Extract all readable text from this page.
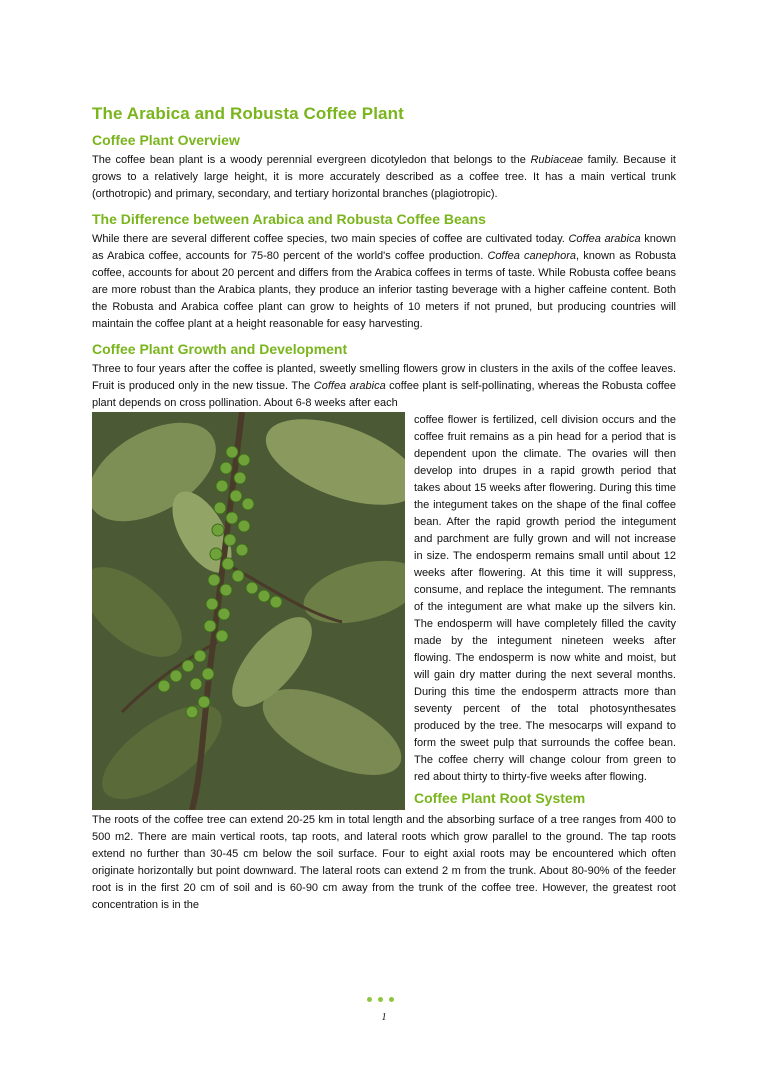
The Arabica and Robusta Coffee Plant
Coffee Plant Overview

The coffee bean plant is a woody perennial evergreen dicotyledon that belongs to the Rubiaceae family. Because it grows to a relatively large height, it is more accurately described as a coffee tree. It has a main vertical trunk (orthotropic) and primary, secondary, and tertiary horizontal branches (plagiotropic).

The Difference between Arabica and Robusta Coffee Beans

While there are several different coffee species, two main species of coffee are cultivated today. Coffea arabica known as Arabica coffee, accounts for 75-80 percent of the world's coffee production. Coffea canephora, known as Robusta coffee, accounts for about 20 percent and differs from the Arabica coffees in terms of taste. While Robusta coffee beans are more robust than the Arabica plants, they produce an inferior tasting beverage with a higher caffeine content. Both the Robusta and Arabica coffee plant can grow to heights of 10 meters if not pruned, but producing countries will maintain the coffee plant at a height reasonable for easy harvesting.

Coffee Plant Growth and Development

Three to four years after the coffee is planted, sweetly smelling flowers grow in clusters in the axils of the coffee leaves. Fruit is produced only in the new tissue. The Coffea arabica coffee plant is self-pollinating, whereas the Robusta coffee plant depends on cross pollination. About 6-8 weeks after each

coffee flower is fertilized, cell division occurs and the coffee fruit remains as a pin head for a period that is dependent upon the climate. The ovaries will then develop into drupes in a rapid growth period that takes about 15 weeks after flowering. During this time the integument takes on the shape of the final coffee bean. After the rapid growth period the integument and parchment are fully grown and will not increase in size. The endosperm remains small until about 12 weeks after flowering. At this time it will suppress, consume, and replace the integument. The remnants of the integument are what make up the silvers kin. The endosperm will have completely filled the cavity made by the integument nineteen weeks after flowing. The endosperm is now white and moist, but will gain dry matter during the next several months. During this time the endosperm attracts more than seventy percent of the total photosynthesates produced by the tree. The mesocarps will expand to form the sweet pulp that surrounds the coffee bean. The coffee cherry will change colour from green to red about thirty to thirty-five weeks after flowing.

Coffee Plant Root System

The roots of the coffee tree can extend 20-25 km in total length and the absorbing surface of a tree ranges from 400 to 500 m2. There are main vertical roots, tap roots, and lateral roots which grow parallel to the ground. The tap roots extend no further than 30-45 cm below the soil surface. Four to eight axial roots may be encountered which often originate horizontally but point downward. The lateral roots can extend 2 m from the trunk. About 80-90% of the feeder root is in the first 20 cm of soil and is 60-90 cm away from the trunk of the coffee tree. However, the greatest root concentration is in the

1
